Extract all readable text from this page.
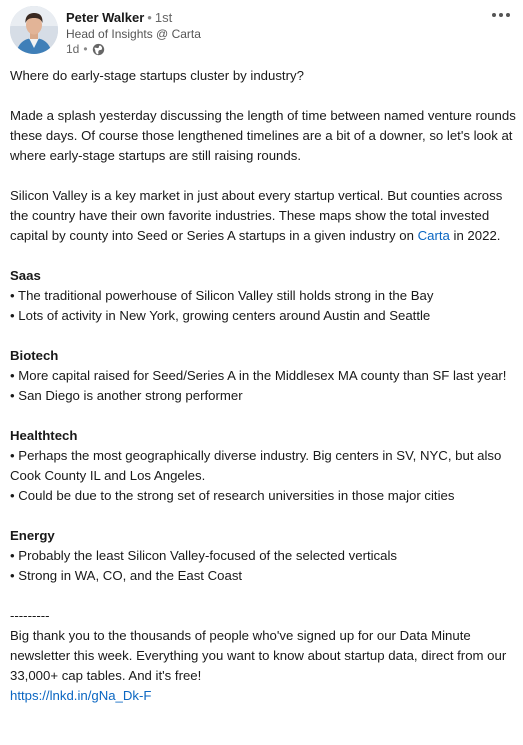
Peter Walker • 1st
Head of Insights @ Carta
1d •

Where do early-stage startups cluster by industry?

Made a splash yesterday discussing the length of time between named venture rounds these days. Of course those lengthened timelines are a bit of a downer, so let's look at where early-stage startups are still raising rounds.

Silicon Valley is a key market in just about every startup vertical. But counties across the country have their own favorite industries. These maps show the total invested capital by county into Seed or Series A startups in a given industry on Carta in 2022.

Saas

• The traditional powerhouse of Silicon Valley still holds strong in the Bay

• Lots of activity in New York, growing centers around Austin and Seattle

Biotech

• More capital raised for Seed/Series A in the Middlesex MA county than SF last year!

• San Diego is another strong performer

Healthtech

• Perhaps the most geographically diverse industry. Big centers in SV, NYC, but also Cook County IL and Los Angeles.

• Could be due to the strong set of research universities in those major cities

Energy

• Probably the least Silicon Valley-focused of the selected verticals

• Strong in WA, CO, and the East Coast

---------

Big thank you to the thousands of people who've signed up for our Data Minute newsletter this week. Everything you want to know about startup data, direct from our 33,000+ cap tables. And it's free!

https://lnkd.in/gNa_Dk-F
